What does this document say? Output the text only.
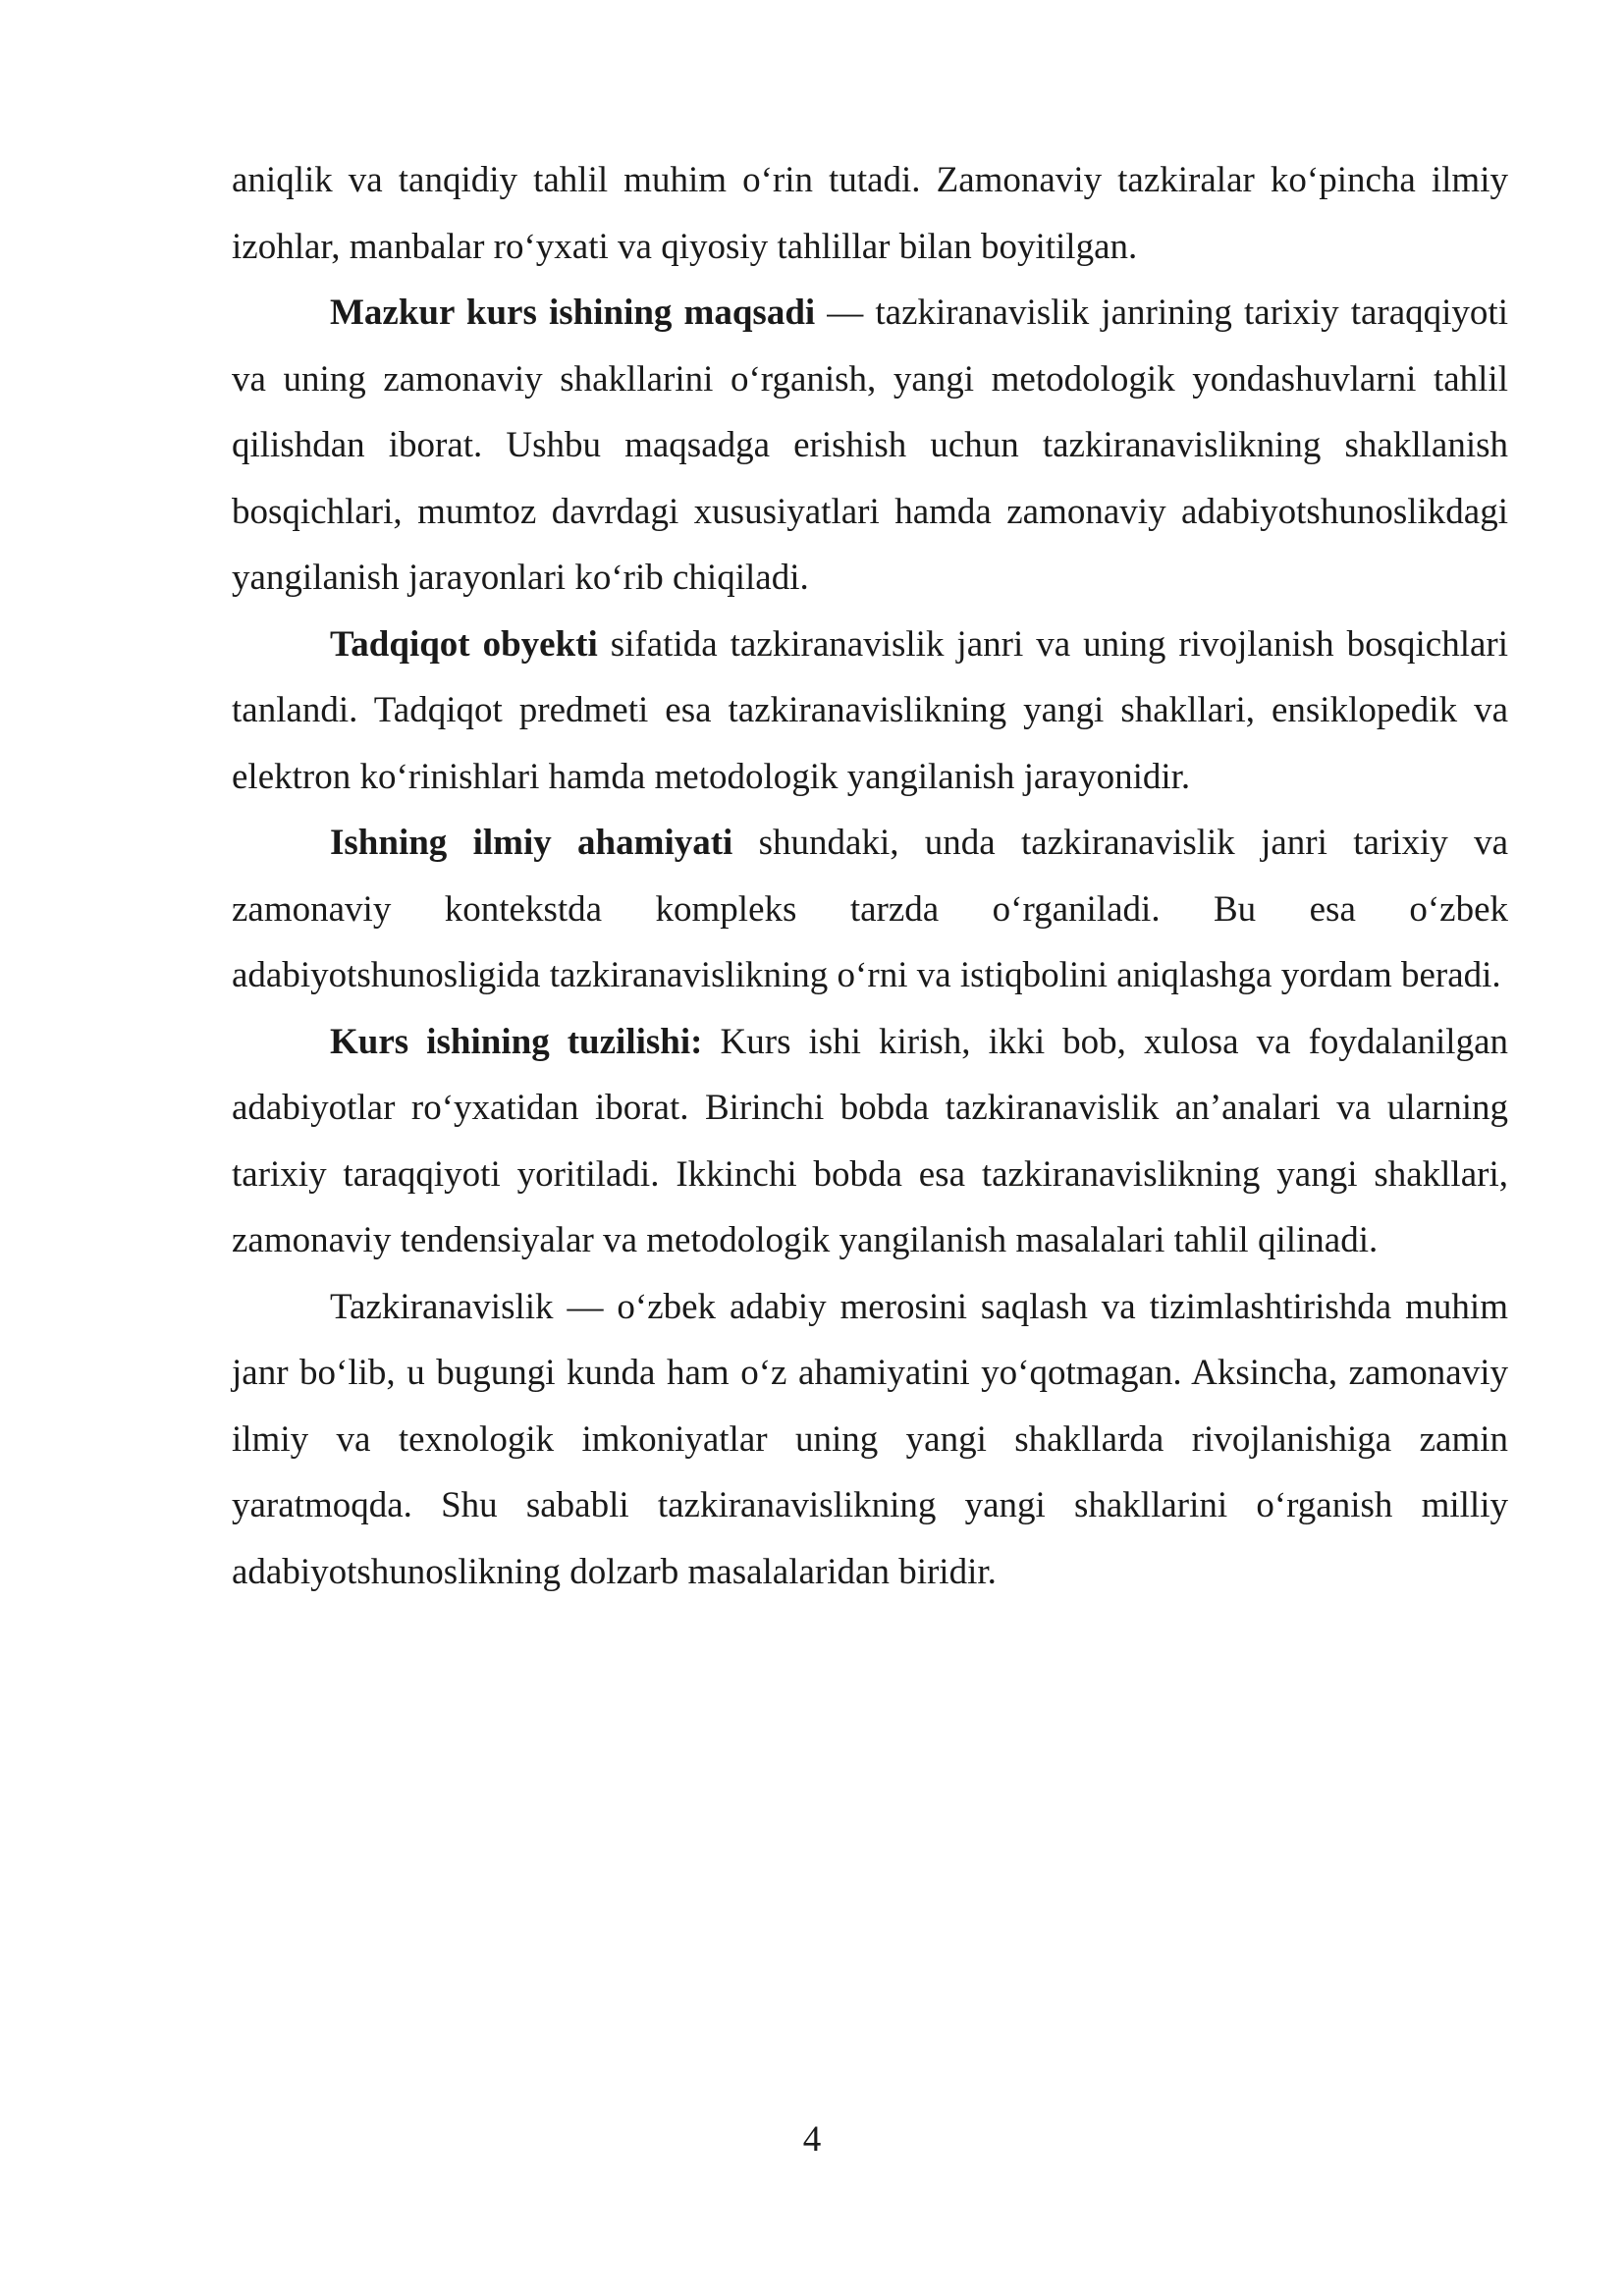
aniqlik va tanqidiy tahlil muhim o‘rin tutadi. Zamonaviy tazkiralar ko‘pincha ilmiy izohlar, manbalar ro‘yxati va qiyosiy tahlillar bilan boyitilgan.

Mazkur kurs ishining maqsadi — tazkiranavislik janrining tarixiy taraqqiyoti va uning zamonaviy shakllarini o‘rganish, yangi metodologik yondashuvlarni tahlil qilishdan iborat. Ushbu maqsadga erishish uchun tazkiranavislikning shakllanish bosqichlari, mumtoz davrdagi xususiyatlari hamda zamonaviy adabiyotshunoslikdagi yangilanish jarayonlari ko‘rib chiqiladi.

Tadqiqot obyekti sifatida tazkiranavislik janri va uning rivojlanish bosqichlari tanlandi. Tadqiqot predmeti esa tazkiranavislikning yangi shakllari, ensiklopedik va elektron ko‘rinishlari hamda metodologik yangilanish jarayonidir.

Ishning ilmiy ahamiyati shundaki, unda tazkiranavislik janri tarixiy va zamonaviy kontekstda kompleks tarzda o‘rganiladi. Bu esa o‘zbek adabiyotshunosligida tazkiranavislikning o‘rni va istiqbolini aniqlashga yordam beradi.

Kurs ishining tuzilishi: Kurs ishi kirish, ikki bob, xulosa va foydalanilgan adabiyotlar ro‘yxatidan iborat. Birinchi bobda tazkiranavislik an’analari va ularning tarixiy taraqqiyoti yoritiladi. Ikkinchi bobda esa tazkiranavislikning yangi shakllari, zamonaviy tendensiyalar va metodologik yangilanish masalalari tahlil qilinadi.

Tazkiranavislik — o‘zbek adabiy merosini saqlash va tizimlashtirishda muhim janr bo‘lib, u bugungi kunda ham o‘z ahamiyatini yo‘qotmagan. Aksincha, zamonaviy ilmiy va texnologik imkoniyatlar uning yangi shakllarda rivojlanishiga zamin yaratmoqda. Shu sababli tazkiranavislikning yangi shakllarini o‘rganish milliy adabiyotshunoslikning dolzarb masalalaridan biridir.

4
